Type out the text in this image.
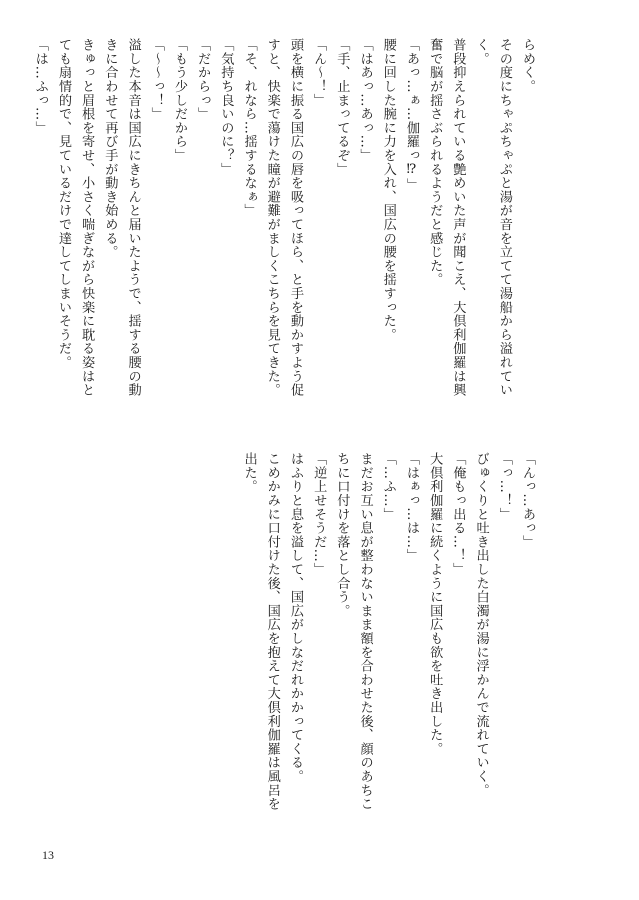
らめく。
その度にちゃぷちゃぷと湯が音を立てて湯船から溢れてい
く。
普段抑えられている艶めいた声が聞こえ、大倶利伽羅は興
奮で脳が揺さぶられるようだと感じた。
「あっ…ぁ…伽羅っ⁉」
腰に回した腕に力を入れ、国広の腰を揺すった。
「はあっ…あっ…」
「手、止まってるぞ」
「ん〜！」
頭を横に振る国広の唇を吸ってほら、と手を動かすよう促
すと、快楽で蕩けた瞳が避難がましくこちらを見てきた。
「そ、れなら…揺するなぁ」
「気持ち良いのに？」
「だからっ」
「もう少しだから」
「〜〜っ！」
溢した本音は国広にきちんと届いたようで、揺する腰の動
きに合わせて再び手が動き始める。
きゅっと眉根を寄せ、小さく喘ぎながら快楽に耽る姿はと
ても扇情的で、見ているだけで達してしまいそうだ。
「は…ふっ…」
「んっ…あっ」
「っ…！」
びゅくりと吐き出した白濁が湯に浮かんで流れていく。
「俺もっ出る…！」
大倶利伽羅に続くように国広も欲を吐き出した。
「はぁっ…は…」
「…ふ…」
まだお互い息が整わないまま額を合わせた後、顔のあちこ
ちに口付けを落とし合う。
「逆上せそうだ…」
はふりと息を溢して、国広がしなだれかかってくる。
こめかみに口付けた後、国広を抱えて大倶利伽羅は風呂を
出た。
13
